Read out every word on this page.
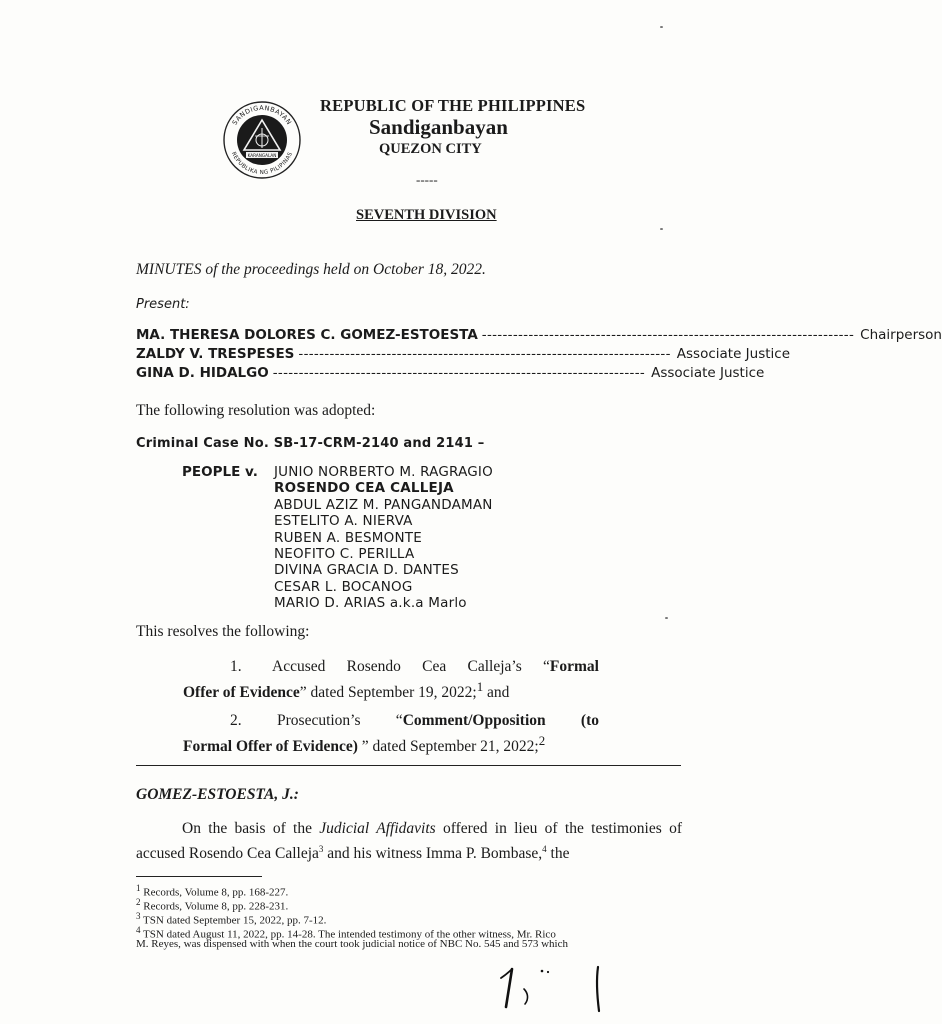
SANDIGANBAYAN
REPUBLIKA NG PILIPINAS
KARANGALAN
REPUBLIC OF THE PHILIPPINES
Sandiganbayan
QUEZON CITY
-----
SEVENTH DIVISION
MINUTES of the proceedings held on October 18, 2022.
Present:
MA. THERESA DOLORES C. GOMEZ-ESTOESTA ------------------------------------------------------------------------ Chairperson
ZALDY V. TRESPESES ------------------------------------------------------------------------ Associate Justice
GINA D. HIDALGO ------------------------------------------------------------------------ Associate Justice
The following resolution was adopted:
Criminal Case No. SB-17-CRM-2140 and 2141 –
PEOPLE v. JUNIO NORBERTO M. RAGRAGIO
ROSENDO CEA CALLEJA
ABDUL AZIZ M. PANGANDAMAN
ESTELITO A. NIERVA
RUBEN A. BESMONTE
NEOFITO C. PERILLA
DIVINA GRACIA D. DANTES
CESAR L. BOCANOG
MARIO D. ARIAS a.k.a Marlo
This resolves the following:
1. Accused Rosendo Cea Calleja’s “Formal
Offer of Evidence” dated September 19, 2022;$^1$ and
2. Prosecution’s “Comment/Opposition (to
Formal Offer of Evidence) ” dated September 21, 2022;$^2$
GOMEZ-ESTOESTA, J.:
On the basis of the Judicial Affidavits offered in lieu of the testimonies of accused Rosendo Cea Calleja$^3$ and his witness Imma P. Bombase,$^4$ the
$^1$ Records, Volume 8, pp. 168-227.
$^2$ Records, Volume 8, pp. 228-231.
$^3$ TSN dated September 15, 2022, pp. 7-12.
$^4$ TSN dated August 11, 2022, pp. 14-28. The intended testimony of the other witness, Mr. Rico
M. Reyes, was dispensed with when the court took judicial notice of NBC No. 545 and 573 which
